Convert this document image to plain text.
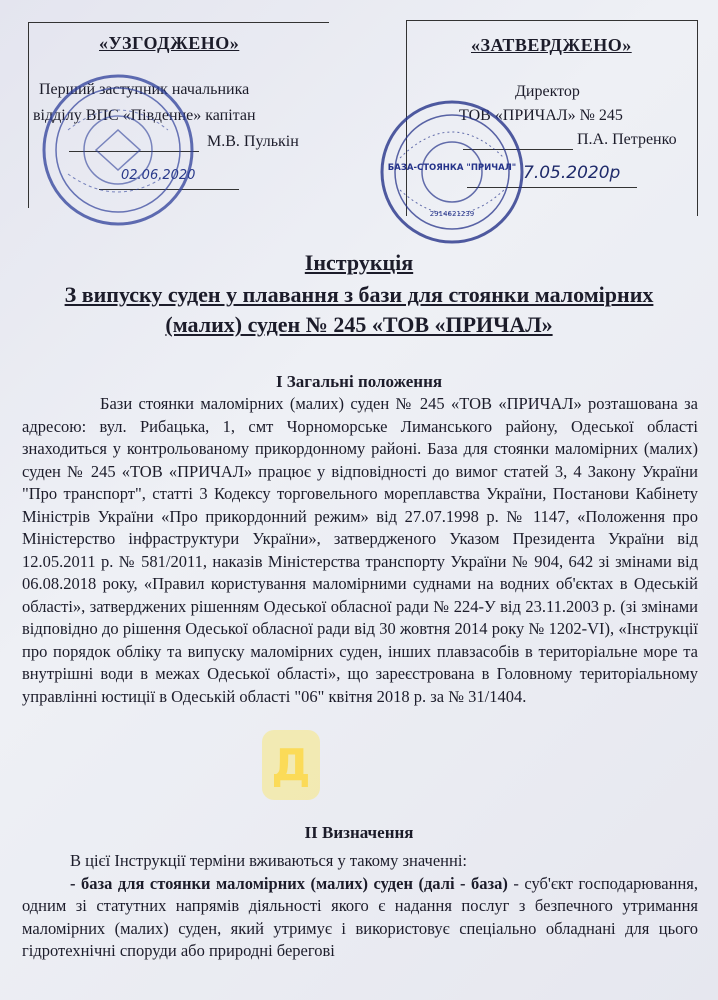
«УЗГОДЖЕНО»
Перший заступник начальника
відділу ВПС «Південне» капітан
М.В. Пулькін
02.06.2020
«ЗАТВЕРДЖЕНО»
Директор
ТОВ «ПРИЧАЛ» № 245
П.А. Петренко
7.05.2020р
БАЗА-СТОЯНКА "ПРИЧАЛ"
2914621239
Інструкція
З випуску суден у плавання з бази для стоянки маломірних
(малих) суден № 245 «ТОВ «ПРИЧАЛ»
І Загальні положення

Бази стоянки маломірних (малих) суден № 245 «ТОВ «ПРИЧАЛ» розташована за адресою: вул. Рибацька, 1, смт Чорноморське Лиманського району, Одеської області знаходиться у контрольованому прикордонному районі. База для стоянки маломірних (малих) суден № 245 «ТОВ «ПРИЧАЛ» працює у відповідності до вимог статей 3, 4 Закону України "Про транспорт", статті 3 Кодексу торговельного мореплавства України, Постанови Кабінету Міністрів України «Про прикордонний режим» від 27.07.1998 р. № 1147, «Положення про Міністерство інфраструктури України», затвердженого Указом Президента України від 12.05.2011 р. № 581/2011, наказів Міністерства транспорту України № 904, 642 зі змінами від 06.08.2018 року, «Правил користування маломірними суднами на водних об'єктах в Одеській області», затверджених рішенням Одеської обласної ради № 224-У від 23.11.2003 р. (зі змінами відповідно до рішення Одеської обласної ради від 30 жовтня 2014 року № 1202-VI), «Інструкції про порядок обліку та випуску маломірних суден, інших плавзасобів в територіальне море та внутрішні води в межах Одеської області», що зареєстрована в Головному територіальному управлінні юстиції в Одеській області "06" квітня 2018 р. за № 31/1404.

Д
ІІ Визначення

В цієї Інструкції терміни вживаються у такому значенні:

- база для стоянки маломірних (малих) суден (далі - база) - суб'єкт господарювання, одним зі статутних напрямів діяльності якого є надання послуг з безпечного утримання маломірних (малих) суден, який утримує і використовує спеціально обладнані для цього гідротехнічні споруди або природні берегові
